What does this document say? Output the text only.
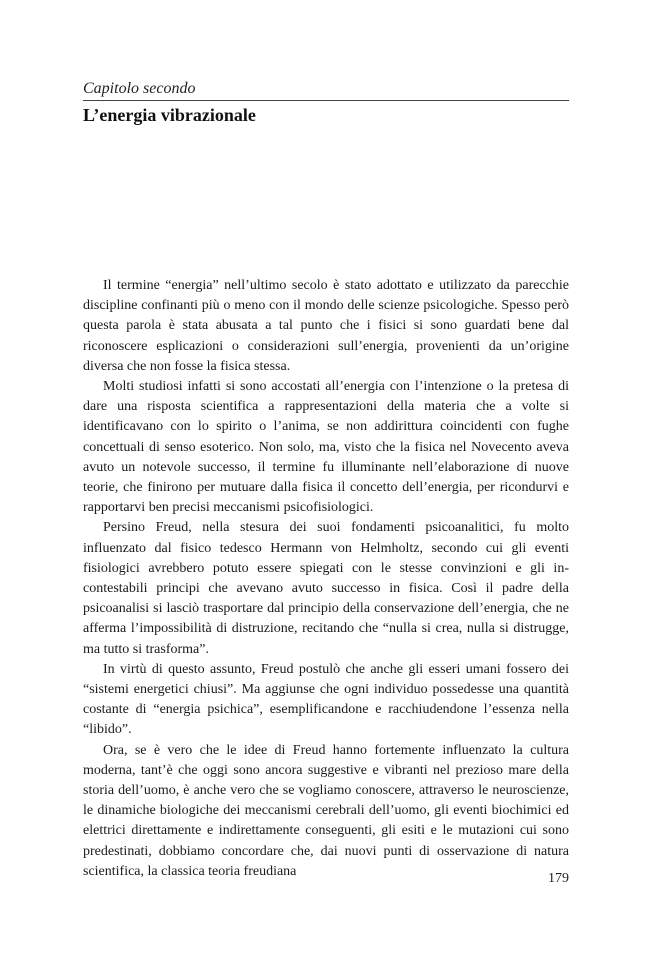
Capitolo secondo
L’energia vibrazionale

Il termine “energia” nell’ultimo secolo è stato adottato e utilizzato da parecchie discipline confinanti più o meno con il mondo delle scienze psicologiche. Spesso però questa parola è stata abusata a tal punto che i fisici si sono guardati bene dal riconoscere esplicazioni o considerazioni sull’energia, provenienti da un’origine diversa che non fosse la fisica stessa.

Molti studiosi infatti si sono accostati all’energia con l’intenzione o la pretesa di dare una risposta scientifica a rappresentazioni della materia che a volte si identificavano con lo spirito o l’anima, se non addirittura coincidenti con fughe concettuali di senso esoterico. Non solo, ma, visto che la fisica nel Novecento aveva avuto un notevole successo, il termine fu illuminante nell’elaborazione di nuove teorie, che finirono per mutuare dalla fisica il concetto dell’energia, per ricondurvi e rapportarvi ben precisi meccanismi psicofisiologici.

Persino Freud, nella stesura dei suoi fondamenti psicoanalitici, fu molto influenzato dal fisico tedesco Hermann von Helmholtz, secondo cui gli eventi fisiologici avrebbero potuto essere spiegati con le stesse convinzioni e gli incontestabili principi che avevano avuto successo in fisica. Così il padre della psicoanalisi si lasciò trasportare dal principio della conservazione dell’energia, che ne afferma l’impossibilità di distruzione, recitando che “nulla si crea, nulla si distrugge, ma tutto si trasforma”.

In virtù di questo assunto, Freud postulò che anche gli esseri umani fossero dei “sistemi energetici chiusi”. Ma aggiunse che ogni individuo possedesse una quantità costante di “energia psichica”, esemplificandone e racchiudendone l’essenza nella “libido”.

Ora, se è vero che le idee di Freud hanno fortemente influenzato la cultura moderna, tant’è che oggi sono ancora suggestive e vibranti nel prezioso mare della storia dell’uomo, è anche vero che se vogliamo conoscere, attraverso le neuroscienze, le dinamiche biologiche dei meccanismi cerebrali dell’uomo, gli eventi biochimici ed elettrici direttamente e indirettamente conseguenti, gli esiti e le mutazioni cui sono predestinati, dobbiamo concordare che, dai nuovi punti di osservazione di natura scientifica, la classica teoria freudiana	179
